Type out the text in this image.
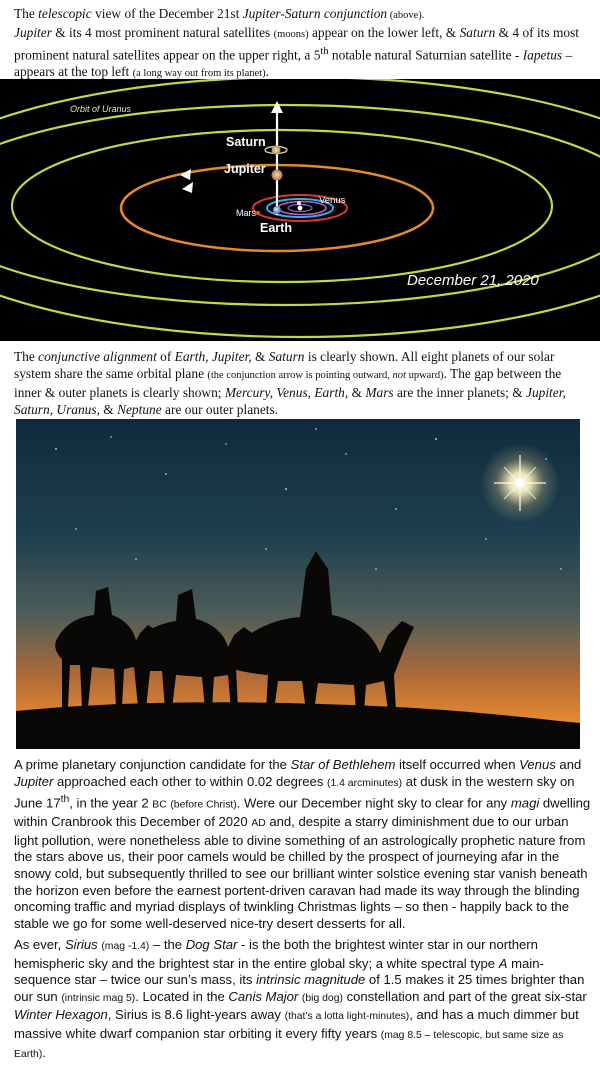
The telescopic view of the December 21st Jupiter-Saturn conjunction (above).
Jupiter & its 4 most prominent natural satellites (moons) appear on the lower left, & Saturn & 4 of its most prominent natural satellites appear on the upper right, a 5th notable natural Saturnian satellite - Iapetus – appears at the top left (a long way out from its planet).

Orbit of Uranus
Saturn
Jupiter
Earth
Mars
Venus
December 21, 2020

The conjunctive alignment of Earth, Jupiter, & Saturn is clearly shown. All eight planets of our solar system share the same orbital plane (the conjunction arrow is pointing outward, not upward). The gap between the inner & outer planets is clearly shown; Mercury, Venus, Earth, & Mars are the inner planets; & Jupiter, Saturn, Uranus, & Neptune are our outer planets.

A prime planetary conjunction candidate for the Star of Bethlehem itself occurred when Venus and Jupiter approached each other to within 0.02 degrees (1.4 arcminutes) at dusk in the western sky on June 17th, in the year 2 BC (before Christ). Were our December night sky to clear for any magi dwelling within Cranbrook this December of 2020 AD and, despite a starry diminishment due to our urban light pollution, were nonetheless able to divine something of an astrologically prophetic nature from the stars above us, their poor camels would be chilled by the prospect of journeying afar in the snowy cold, but subsequently thrilled to see our brilliant winter solstice evening star vanish beneath the horizon even before the earnest portent-driven caravan had made its way through the blinding oncoming traffic and myriad displays of twinkling Christmas lights – so then - happily back to the stable we go for some well-deserved nice-try desert desserts for all.

As ever, Sirius (mag -1.4) – the Dog Star - is the both the brightest winter star in our northern hemispheric sky and the brightest star in the entire global sky; a white spectral type A main-sequence star – twice our sun’s mass, its intrinsic magnitude of 1.5 makes it 25 times brighter than our sun (intrinsic mag 5). Located in the Canis Major (big dog) constellation and part of the great six-star Winter Hexagon, Sirius is 8.6 light-years away (that’s a lotta light-minutes), and has a much dimmer but massive white dwarf companion star orbiting it every fifty years (mag 8.5 – telescopic, but same size as Earth).
